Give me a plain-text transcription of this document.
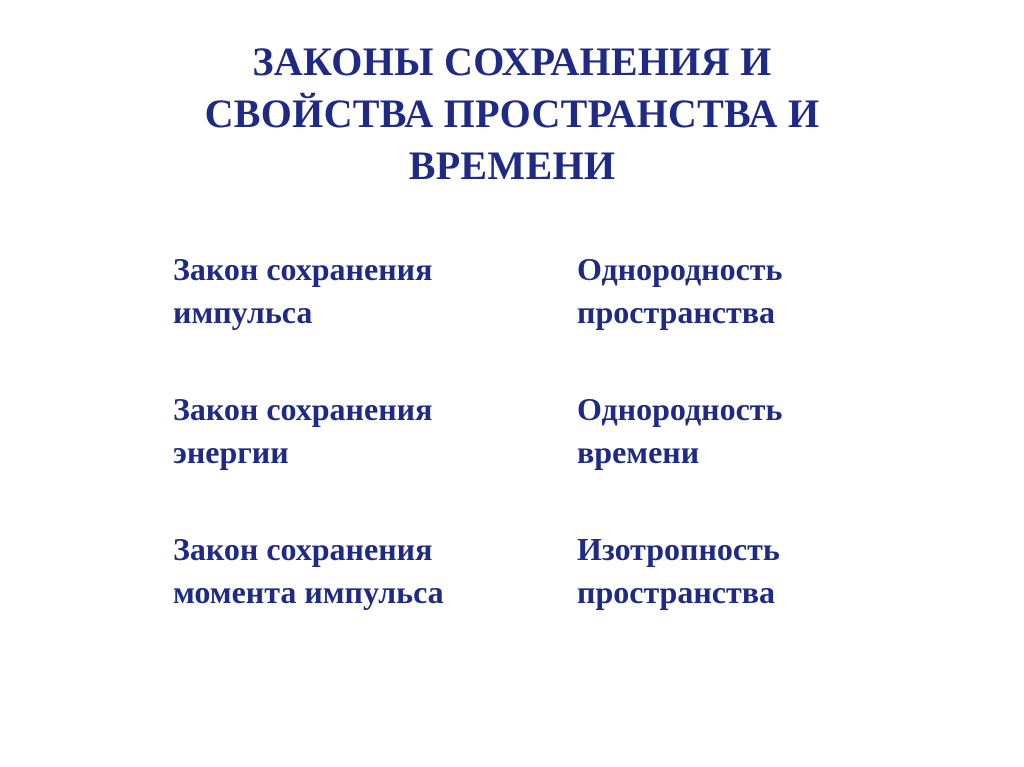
ЗАКОНЫ СОХРАНЕНИЯ И
СВОЙСТВА ПРОСТРАНСТВА И
ВРЕМЕНИ

Закон сохранения
импульса

Закон сохранения
энергии

Закон сохранения
момента импульса

Однородность
пространства

Однородность
времени

Изотропность
пространства
